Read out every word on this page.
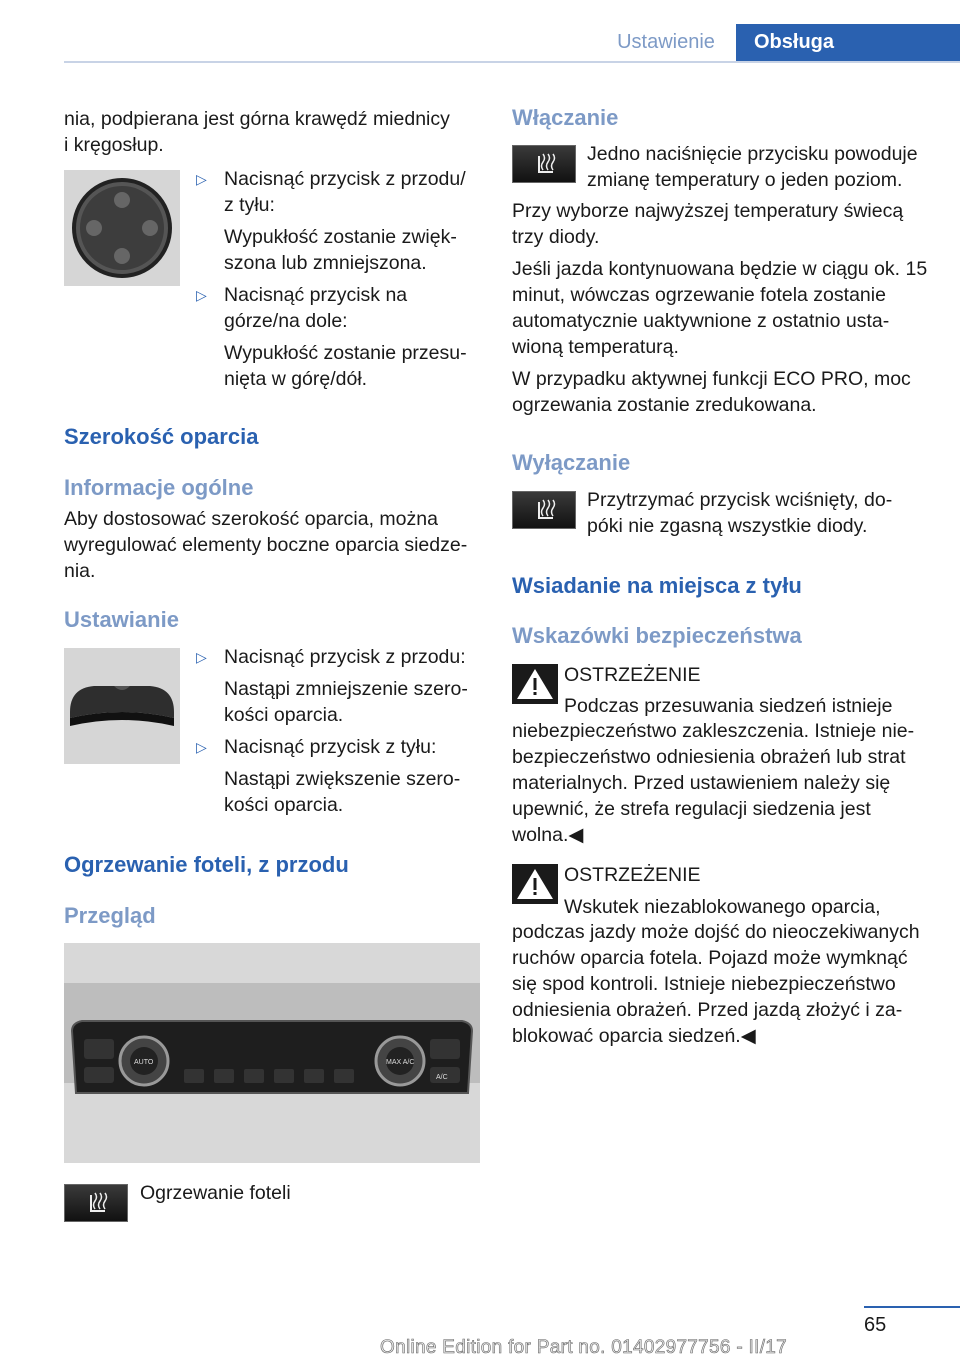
Ustawienie	Obsługa
nia, podpierana jest górna krawędź miednicy
i kręgosłup.
▷ Nacisnąć przycisk z przodu/
z tyłu:
Wypukłość zostanie zwięk-
szona lub zmniejszona.
▷ Nacisnąć przycisk na
górze/na dole:
Wypukłość zostanie przesu-
nięta w górę/dół.
Szerokość oparcia
Informacje ogólne
Aby dostosować szerokość oparcia, można wyregulować elementy boczne oparcia siedze-nia.
Ustawianie
▷ Nacisnąć przycisk z przodu:
Nastąpi zmniejszenie szero-
kości oparcia.
▷ Nacisnąć przycisk z tyłu:
Nastąpi zwiększenie szero-
kości oparcia.
Ogrzewanie foteli, z przodu
Przegląd
AUTO	MAX A/C
A/C
Ogrzewanie foteli
Włączanie
Jedno naciśnięcie przycisku powoduje zmianę temperatury o jeden poziom.

Przy wyborze najwyższej temperatury świecą trzy diody.

Jeśli jazda kontynuowana będzie w ciągu ok. 15 minut, wówczas ogrzewanie fotela zostanie automatycznie uaktywnione z ostatnio usta-wioną temperaturą.

W przypadku aktywnej funkcji ECO PRO, moc ogrzewania zostanie zredukowana.

Wyłączanie
Przytrzymać przycisk wciśnięty, do-póki nie zgasną wszystkie diody.
Wsiadanie na miejsca z tyłu
Wskazówki bezpieczeństwa
OSTRZEŻENIE
Podczas przesuwania siedzeń istnieje
niebezpieczeństwo zakleszczenia. Istnieje nie-bezpieczeństwo odniesienia obrażeń lub strat materialnych. Przed ustawieniem należy się upewnić, że strefa regulacji siedzenia jest wolna.◀
OSTRZEŻENIE
Wskutek niezablokowanego oparcia,
podczas jazdy może dojść do nieoczekiwanych ruchów oparcia fotela. Pojazd może wymknąć się spod kontroli. Istnieje niebezpieczeństwo odniesienia obrażeń. Przed jazdą złożyć i za-blokować oparcia siedzeń.◀
65
Online Edition for Part no. 01402977756 - II/17
